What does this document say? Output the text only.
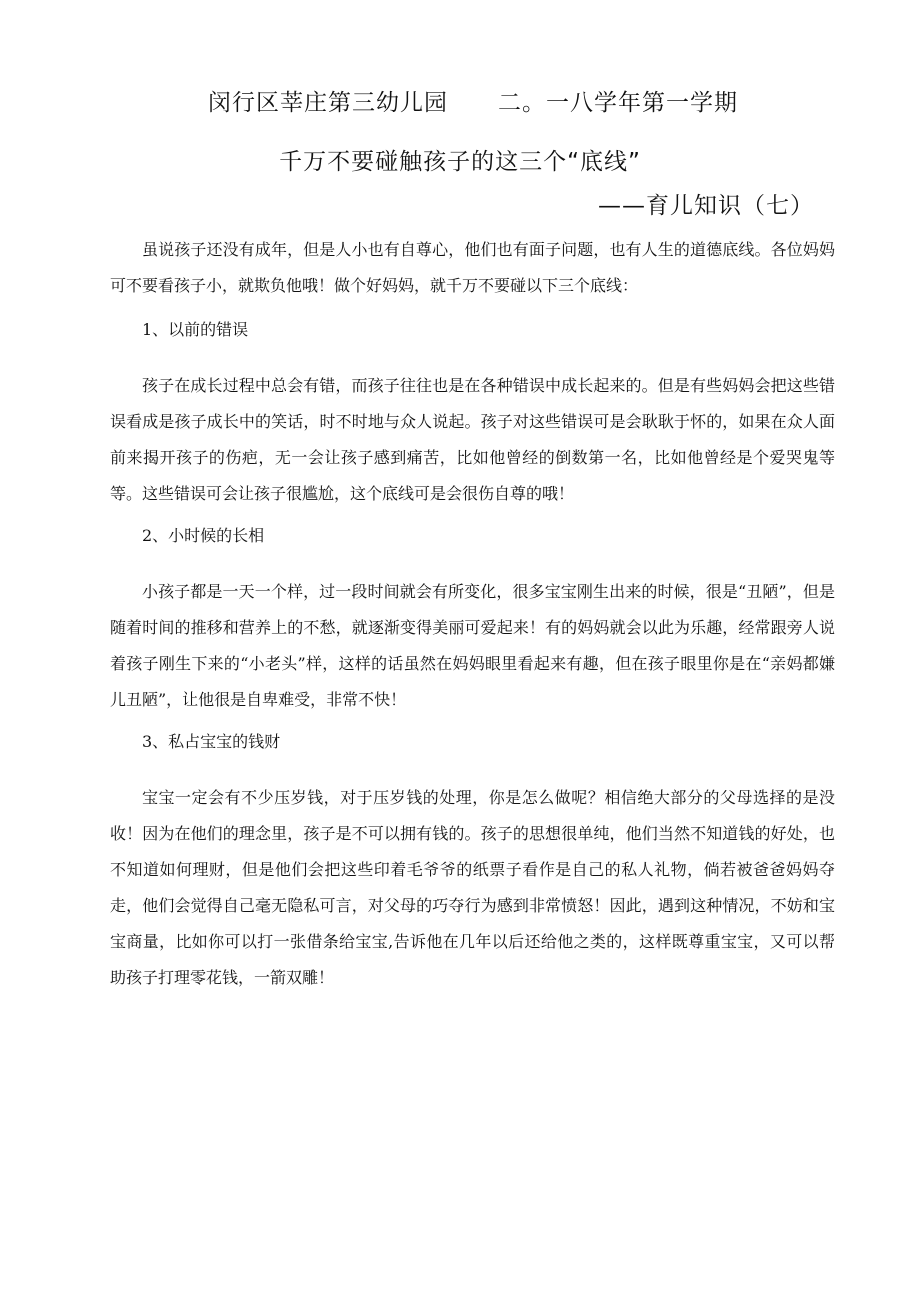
闵行区莘庄第三幼儿园 二。一八学年第一学期
千万不要碰触孩子的这三个“底线”
——育儿知识（七）

虽说孩子还没有成年，但是人小也有自尊心，他们也有面子问题，也有人生的道德底线。各位妈妈可不要看孩子小，就欺负他哦！做个好妈妈，就千万不要碰以下三个底线：

1、以前的错误

孩子在成长过程中总会有错，而孩子往往也是在各种错误中成长起来的。但是有些妈妈会把这些错误看成是孩子成长中的笑话，时不时地与众人说起。孩子对这些错误可是会耿耿于怀的，如果在众人面前来揭开孩子的伤疤，无一会让孩子感到痛苦，比如他曾经的倒数第一名，比如他曾经是个爱哭鬼等等。这些错误可会让孩子很尴尬，这个底线可是会很伤自尊的哦！

2、小时候的长相

小孩子都是一天一个样，过一段时间就会有所变化，很多宝宝刚生出来的时候，很是“丑陋”，但是随着时间的推移和营养上的不愁，就逐渐变得美丽可爱起来！有的妈妈就会以此为乐趣，经常跟旁人说着孩子刚生下来的“小老头”样，这样的话虽然在妈妈眼里看起来有趣，但在孩子眼里你是在“亲妈都嫌儿丑陋”，让他很是自卑难受，非常不快！

3、私占宝宝的钱财

宝宝一定会有不少压岁钱，对于压岁钱的处理，你是怎么做呢？相信绝大部分的父母选择的是没收！因为在他们的理念里，孩子是不可以拥有钱的。孩子的思想很单纯，他们当然不知道钱的好处，也不知道如何理财，但是他们会把这些印着毛爷爷的纸票子看作是自己的私人礼物，倘若被爸爸妈妈夺走，他们会觉得自己毫无隐私可言，对父母的巧夺行为感到非常愤怒！因此，遇到这种情况，不妨和宝宝商量，比如你可以打一张借条给宝宝,告诉他在几年以后还给他之类的，这样既尊重宝宝，又可以帮助孩子打理零花钱，一箭双雕！
